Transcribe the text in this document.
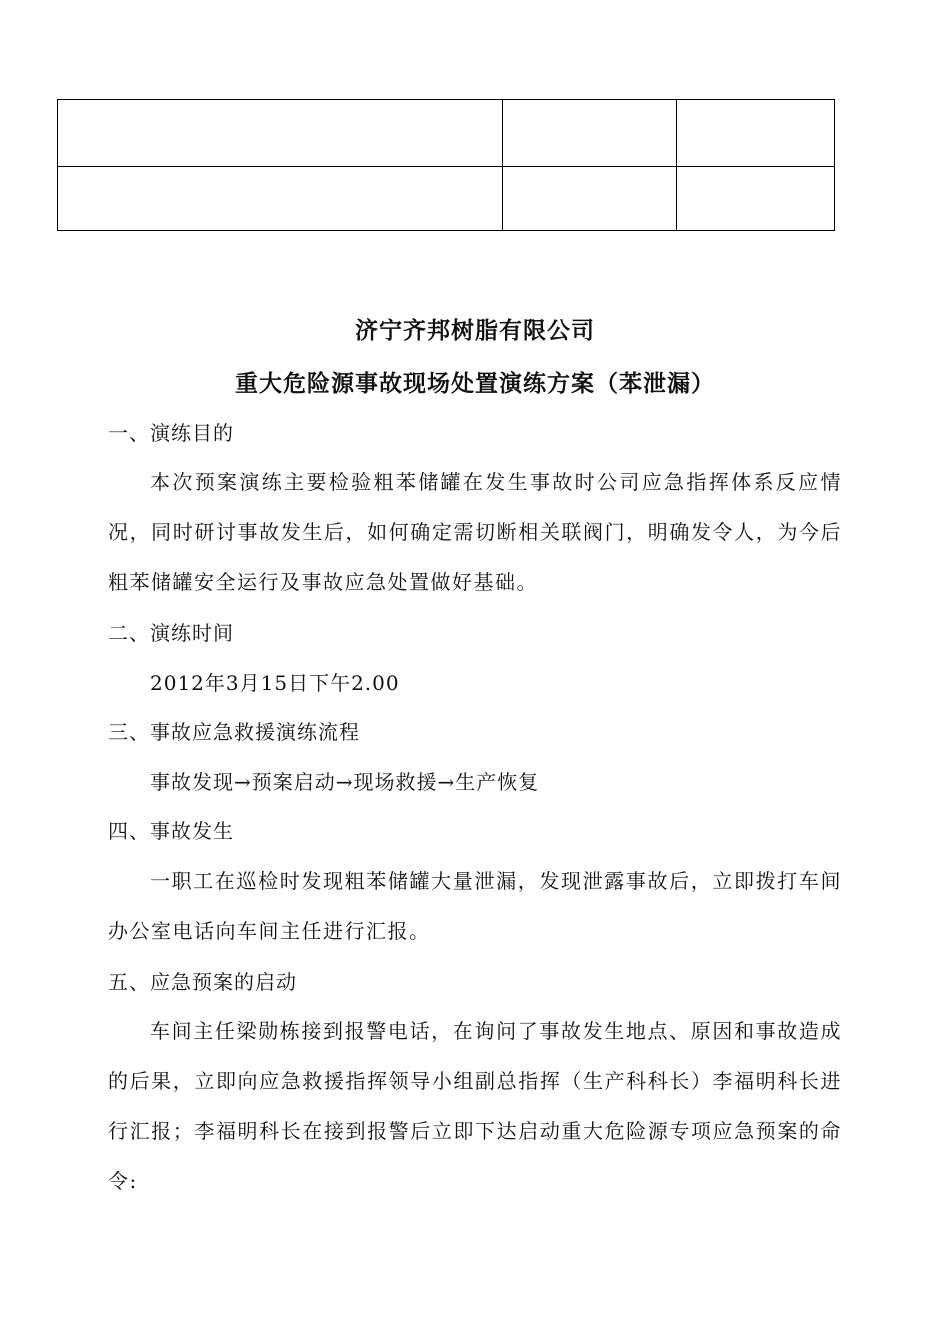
济宁齐邦树脂有限公司
重大危险源事故现场处置演练方案（苯泄漏）
一、演练目的
本次预案演练主要检验粗苯储罐在发生事故时公司应急指挥体系反应情况，同时研讨事故发生后，如何确定需切断相关联阀门，明确发令人，为今后粗苯储罐安全运行及事故应急处置做好基础。
二、演练时间
2012年3月15日下午2.00
三、事故应急救援演练流程
事故发现→预案启动→现场救援→生产恢复
四、事故发生
一职工在巡检时发现粗苯储罐大量泄漏，发现泄露事故后，立即拨打车间办公室电话向车间主任进行汇报。
五、应急预案的启动
车间主任梁勋栋接到报警电话，在询问了事故发生地点、原因和事故造成的后果，立即向应急救援指挥领导小组副总指挥（生产科科长）李福明科长进行汇报；李福明科长在接到报警后立即下达启动重大危险源专项应急预案的命令:
